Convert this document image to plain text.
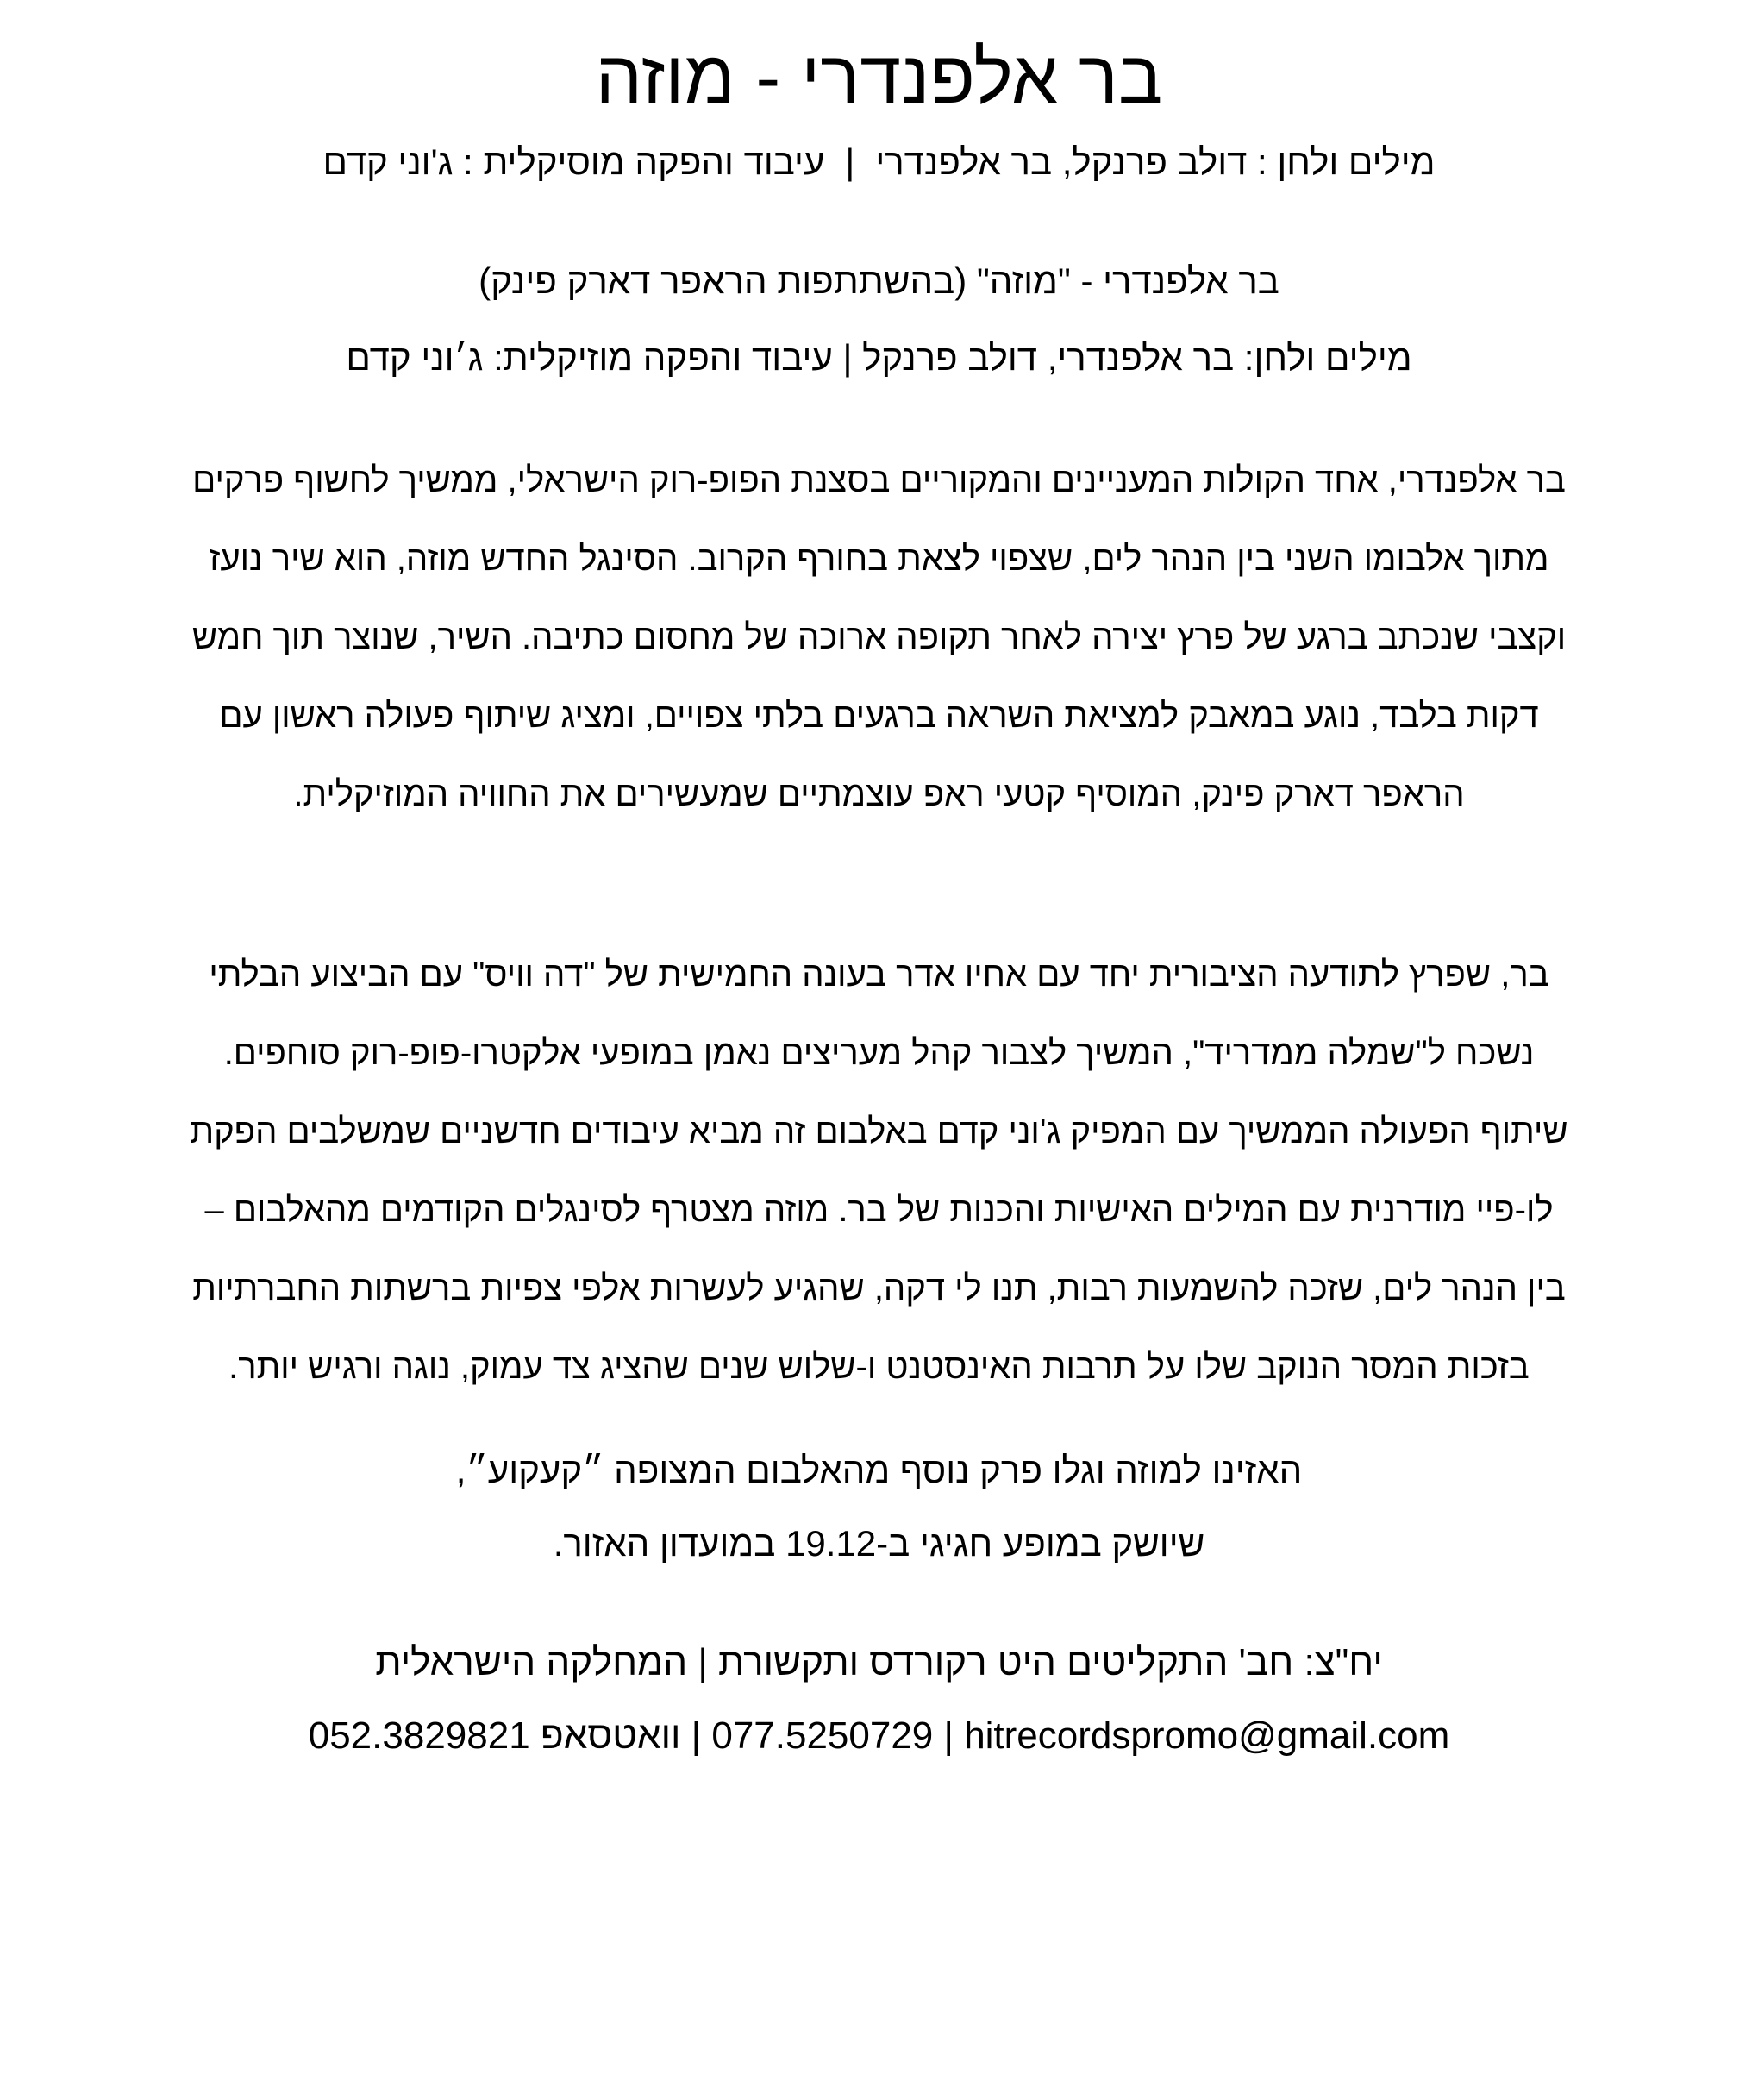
בר אלפנדרי - מוזה

מילים ולחן : דולב פרנקל, בר אלפנדרי|עיבוד והפקה מוסיקלית : ג'וני קדם

בר אלפנדרי - "מוזה" (בהשתתפות הראפר דארק פינק)

מילים ולחן: בר אלפנדרי, דולב פרנקל | עיבוד והפקה מוזיקלית: ג׳וני קדם

בר אלפנדרי, אחד הקולות המעניינים והמקוריים בסצנת הפופ-רוק הישראלי, ממשיך לחשוף פרקים
מתוך אלבומו השני בין הנהר לים, שצפוי לצאת בחורף הקרוב. הסינגל החדש מוזה, הוא שיר נועז
וקצבי שנכתב ברגע של פרץ יצירה לאחר תקופה ארוכה של מחסום כתיבה. השיר, שנוצר תוך חמש
דקות בלבד, נוגע במאבק למציאת השראה ברגעים בלתי צפויים, ומציג שיתוף פעולה ראשון עם
הראפר דארק פינק, המוסיף קטעי ראפ עוצמתיים שמעשירים את החוויה המוזיקלית.
בר, שפרץ לתודעה הציבורית יחד עם אחיו אדר בעונה החמישית של "דה וויס" עם הביצוע הבלתי
נשכח ל"שמלה ממדריד", המשיך לצבור קהל מעריצים נאמן במופעי אלקטרו-פופ-רוק סוחפים.
שיתוף הפעולה הממשיך עם המפיק ג'וני קדם באלבום זה מביא עיבודים חדשניים שמשלבים הפקת
לו-פיי מודרנית עם המילים האישיות והכנות של בר. מוזה מצטרף לסינגלים הקודמים מהאלבום –
בין הנהר לים, שזכה להשמעות רבות, תנו לי דקה, שהגיע לעשרות אלפי צפיות ברשתות החברתיות
בזכות המסר הנוקב שלו על תרבות האינסטנט ו-שלוש שנים שהציג צד עמוק, נוגה ורגיש יותר.

האזינו למוזה וגלו פרק נוסף מהאלבום המצופה ״קעקוע״,

שיושק במופע חגיגי ב-19.12 במועדון האזור.

יח"צ: חב' התקליטים היט רקורדס ותקשורת | המחלקה הישראלית

077.5250729 | hitrecordspromo@gmail.com | וואטסאפ 052.3829821
